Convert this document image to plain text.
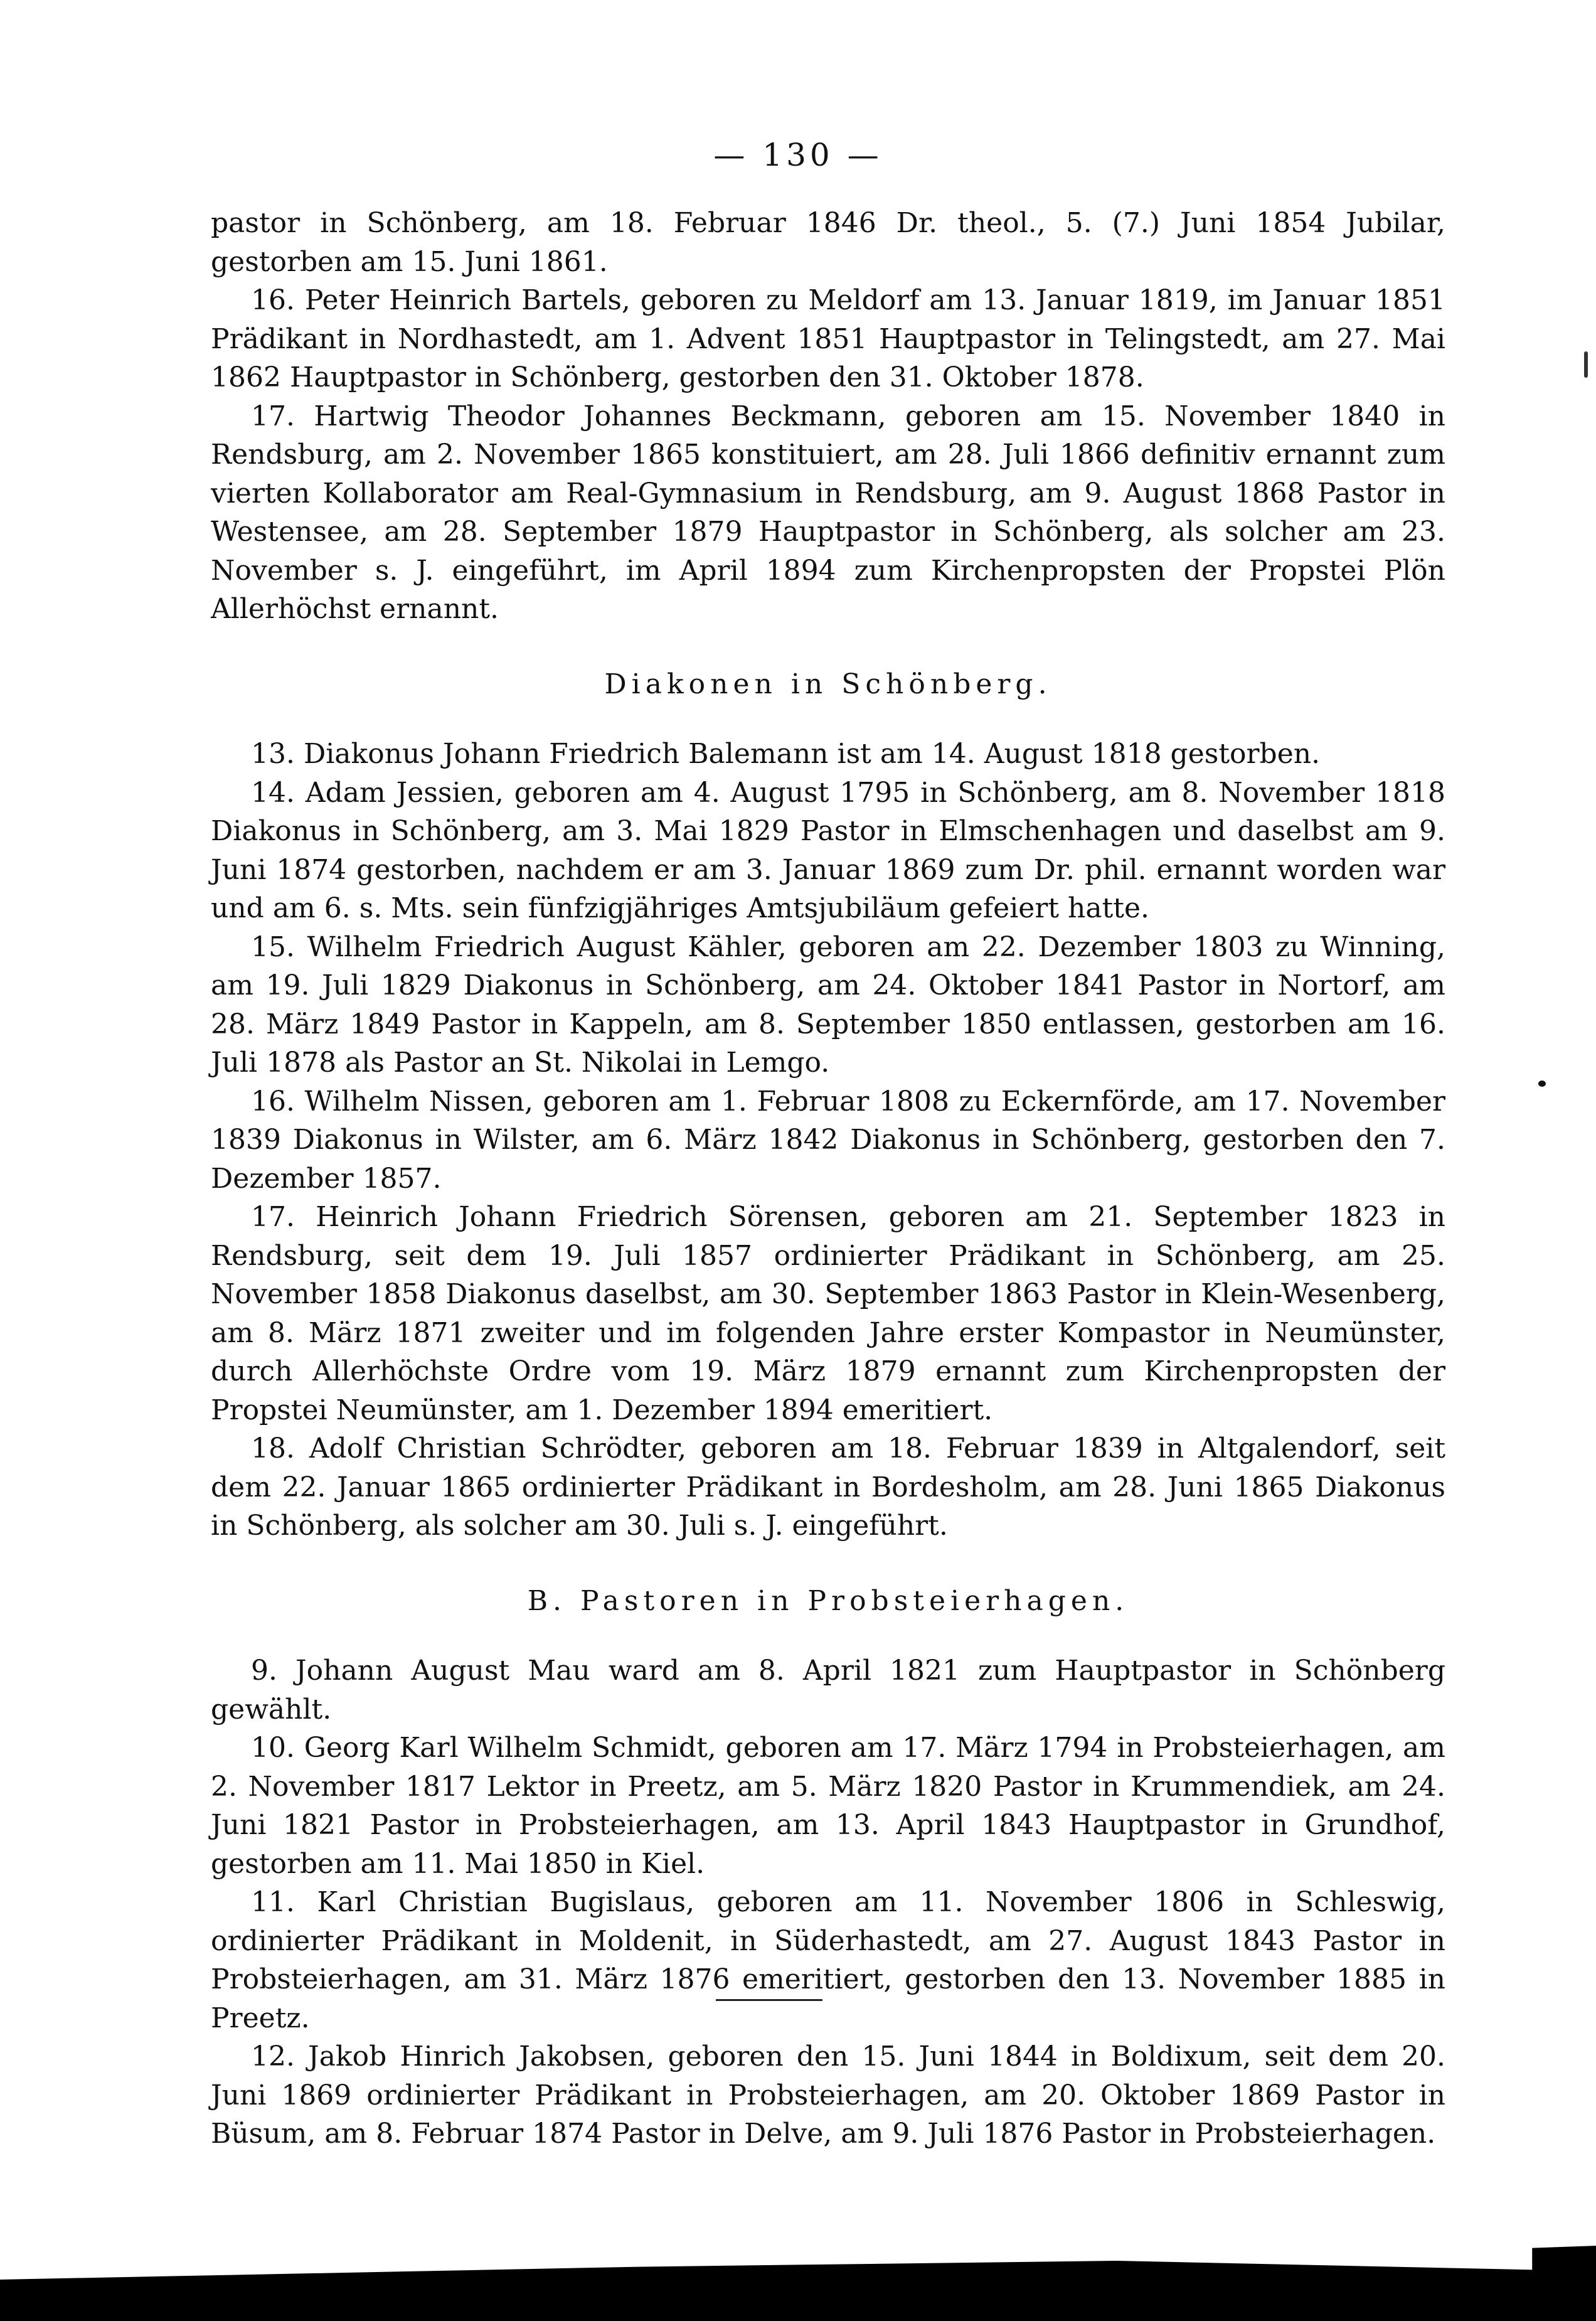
— 130 —

pastor in Schönberg, am 18. Februar 1846 Dr. theol., 5. (7.) Juni 1854 Jubilar, gestorben am 15. Juni 1861.

16. Peter Heinrich Bartels, geboren zu Meldorf am 13. Januar 1819, im Januar 1851 Prädikant in Nordhastedt, am 1. Advent 1851 Hauptpastor in Telingstedt, am 27. Mai 1862 Hauptpastor in Schönberg, gestorben den 31. Oktober 1878.

17. Hartwig Theodor Johannes Beckmann, geboren am 15. November 1840 in Rendsburg, am 2. November 1865 konstituiert, am 28. Juli 1866 definitiv ernannt zum vierten Kollaborator am Real-Gymnasium in Rendsburg, am 9. August 1868 Pastor in Westensee, am 28. September 1879 Hauptpastor in Schönberg, als solcher am 23. November s. J. eingeführt, im April 1894 zum Kirchenpropsten der Propstei Plön Allerhöchst ernannt.

Diakonen in Schönberg.

13. Diakonus Johann Friedrich Balemann ist am 14. August 1818 gestorben.

14. Adam Jessien, geboren am 4. August 1795 in Schönberg, am 8. November 1818 Diakonus in Schönberg, am 3. Mai 1829 Pastor in Elmschenhagen und daselbst am 9. Juni 1874 gestorben, nachdem er am 3. Januar 1869 zum Dr. phil. ernannt worden war und am 6. s. Mts. sein fünfzigjähriges Amtsjubiläum gefeiert hatte.

15. Wilhelm Friedrich August Kähler, geboren am 22. Dezember 1803 zu Winning, am 19. Juli 1829 Diakonus in Schönberg, am 24. Oktober 1841 Pastor in Nortorf, am 28. März 1849 Pastor in Kappeln, am 8. September 1850 entlassen, gestorben am 16. Juli 1878 als Pastor an St. Nikolai in Lemgo.

16. Wilhelm Nissen, geboren am 1. Februar 1808 zu Eckernförde, am 17. November 1839 Diakonus in Wilster, am 6. März 1842 Diakonus in Schönberg, gestorben den 7. Dezember 1857.

17. Heinrich Johann Friedrich Sörensen, geboren am 21. September 1823 in Rendsburg, seit dem 19. Juli 1857 ordinierter Prädikant in Schönberg, am 25. November 1858 Diakonus daselbst, am 30. September 1863 Pastor in Klein-Wesenberg, am 8. März 1871 zweiter und im folgenden Jahre erster Kompastor in Neumünster, durch Allerhöchste Ordre vom 19. März 1879 ernannt zum Kirchenpropsten der Propstei Neumünster, am 1. Dezember 1894 emeritiert.

18. Adolf Christian Schrödter, geboren am 18. Februar 1839 in Altgalendorf, seit dem 22. Januar 1865 ordinierter Prädikant in Bordesholm, am 28. Juni 1865 Diakonus in Schönberg, als solcher am 30. Juli s. J. eingeführt.

B. Pastoren in Probsteierhagen.

9. Johann August Mau ward am 8. April 1821 zum Hauptpastor in Schönberg gewählt.

10. Georg Karl Wilhelm Schmidt, geboren am 17. März 1794 in Probsteierhagen, am 2. November 1817 Lektor in Preetz, am 5. März 1820 Pastor in Krummendiek, am 24. Juni 1821 Pastor in Probsteierhagen, am 13. April 1843 Hauptpastor in Grundhof, gestorben am 11. Mai 1850 in Kiel.

11. Karl Christian Bugislaus, geboren am 11. November 1806 in Schleswig, ordinierter Prädikant in Moldenit, in Süderhastedt, am 27. August 1843 Pastor in Probsteierhagen, am 31. März 1876 emeritiert, gestorben den 13. November 1885 in Preetz.

12. Jakob Hinrich Jakobsen, geboren den 15. Juni 1844 in Boldixum, seit dem 20. Juni 1869 ordinierter Prädikant in Probsteierhagen, am 20. Oktober 1869 Pastor in Büsum, am 8. Februar 1874 Pastor in Delve, am 9. Juli 1876 Pastor in Probsteierhagen.
